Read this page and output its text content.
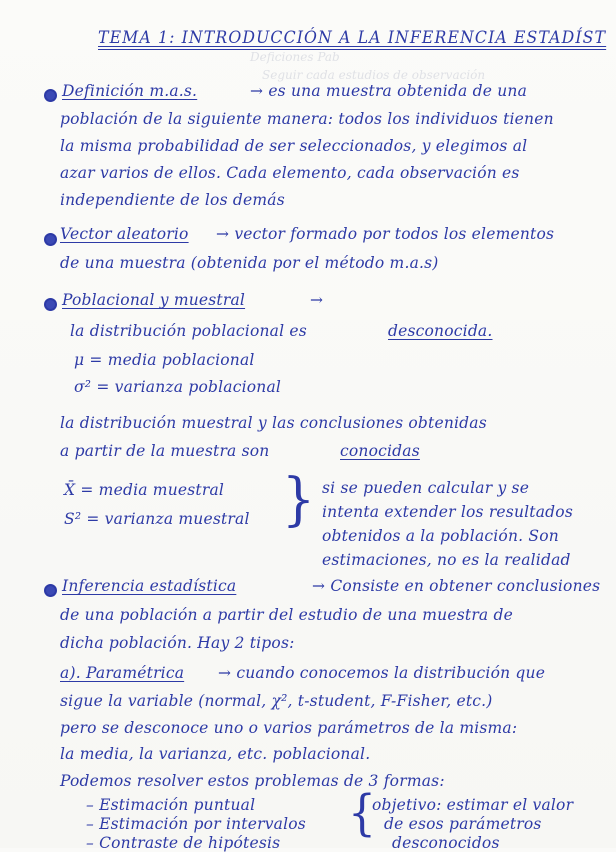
Deficiones Pab
Seguir cada estudios de observación
TEMA 1: INTRODUCCIÓN A LA INFERENCIA ESTADÍST
Definición m.a.s.	→ es una muestra obtenida de una
población de la siguiente manera: todos los individuos tienen
la misma probabilidad de ser seleccionados, y elegimos al
azar varios de ellos. Cada elemento, cada observación es
independiente de los demás
Vector aleatorio → vector formado por todos los elementos
de una muestra (obtenida por el método m.a.s)
Poblacional y muestral	→
la distribución poblacional es	desconocida.
μ = media poblacional
σ² = varianza poblacional
la distribución muestral y las conclusiones obtenidas
a partir de la muestra son	conocidas
X̄ = media muestral
S² = varianza muestral } si se pueden calcular y se
intenta extender los resultados
obtenidos a la población. Son
estimaciones, no es la realidad
Inferencia estadística	→ Consiste en obtener conclusiones
de una población a partir del estudio de una muestra de
dicha población. Hay 2 tipos:
a). Paramétrica → cuando conocemos la distribución que
sigue la variable (normal, χ², t-student, F-Fisher, etc.)
pero se desconoce uno o varios parámetros de la misma:
la media, la varianza, etc. poblacional.
Podemos resolver estos problemas de 3 formas:
– Estimación puntual
– Estimación por intervalos
– Contraste de hipótesis
{
objetivo: estimar el valor
de esos parámetros
desconocidos
